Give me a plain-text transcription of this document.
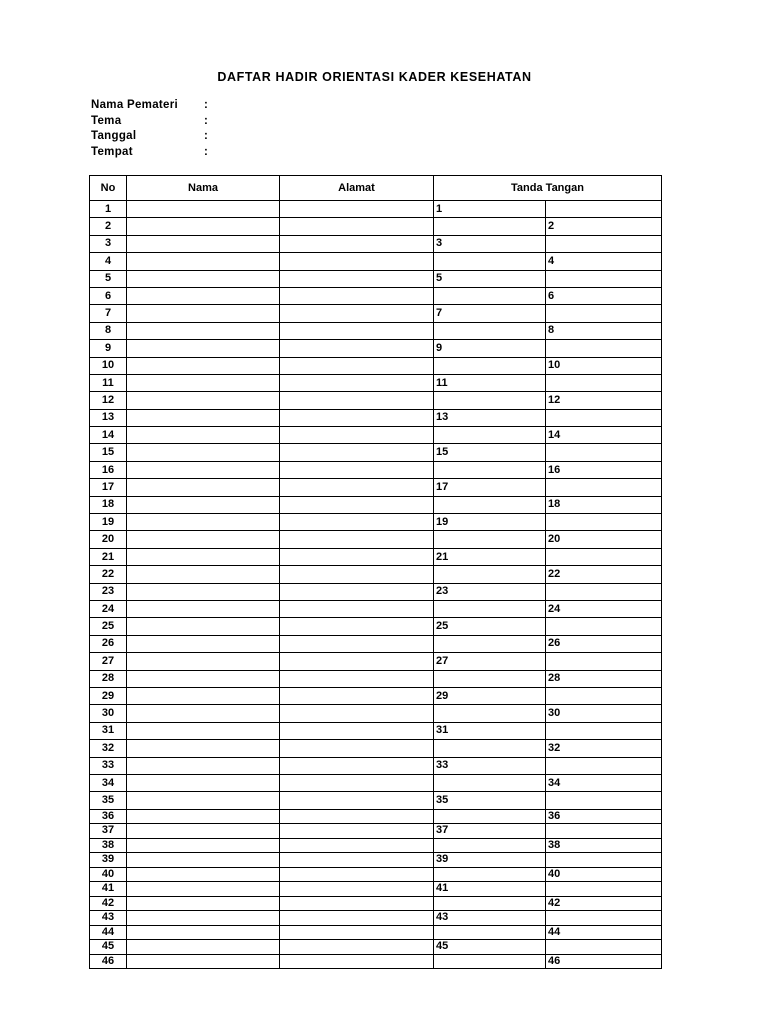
DAFTAR HADIR ORIENTASI KADER KESEHATAN
Nama Pemateri :
Tema	:
Tanggal	:
Tempat	:
No	Nama	Alamat	Tanda Tangan	
1			1	
2				2
3			3	
4				4
5			5	
6				6
7			7	
8				8
9			9	
10				10
11			11	
12				12
13			13	
14				14
15			15	
16				16
17			17	
18				18
19			19	
20				20
21			21	
22				22
23			23	
24				24
25			25	
26				26
27			27	
28				28
29			29	
30				30
31			31	
32				32
33			33	
34				34
35			35	
36				36
37			37	
38				38
39			39	
40				40
41			41	
42				42
43			43	
44				44
45			45	
46				46
